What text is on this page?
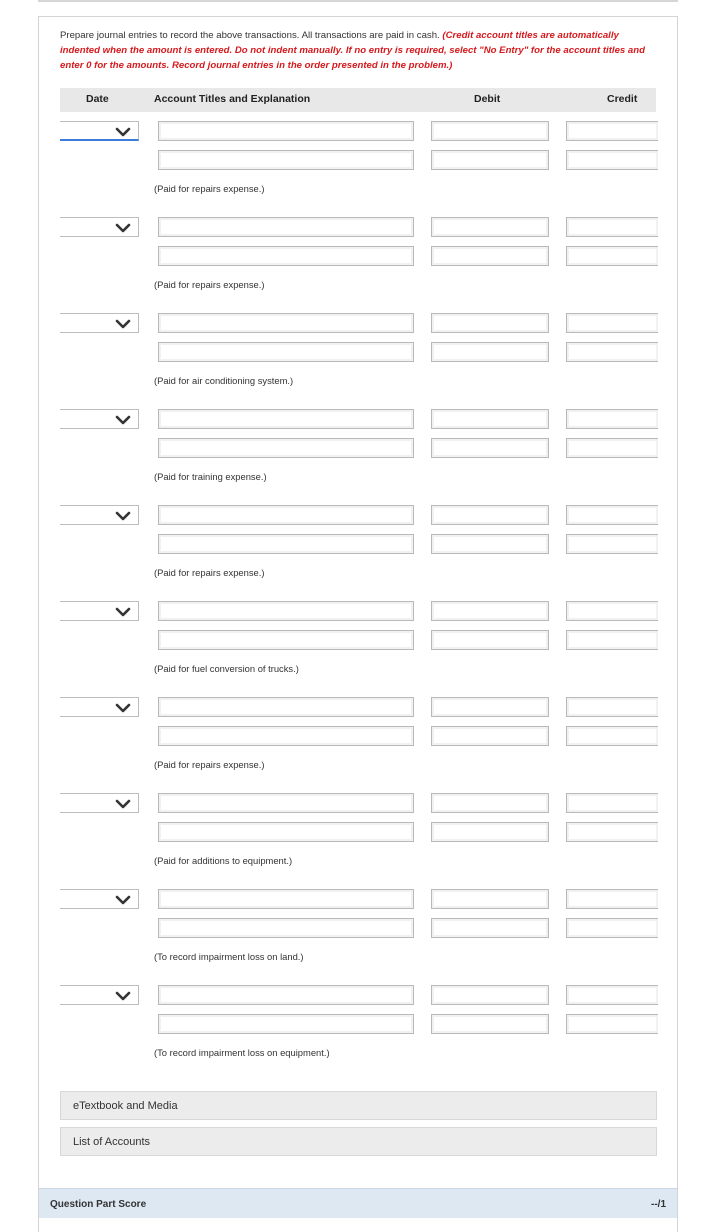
Prepare journal entries to record the above transactions. All transactions are paid in cash. (Credit account titles are automatically indented when the amount is entered. Do not indent manually. If no entry is required, select "No Entry" for the account titles and enter 0 for the amounts. Record journal entries in the order presented in the problem.)
Date	Account Titles and Explanation	Debit	Credit
(Paid for repairs expense.)
(Paid for repairs expense.)
(Paid for air conditioning system.)
(Paid for training expense.)
(Paid for repairs expense.)
(Paid for fuel conversion of trucks.)
(Paid for repairs expense.)
(Paid for additions to equipment.)
(To record impairment loss on land.)
(To record impairment loss on equipment.)
eTextbook and Media
List of Accounts
Question Part Score	--/1
